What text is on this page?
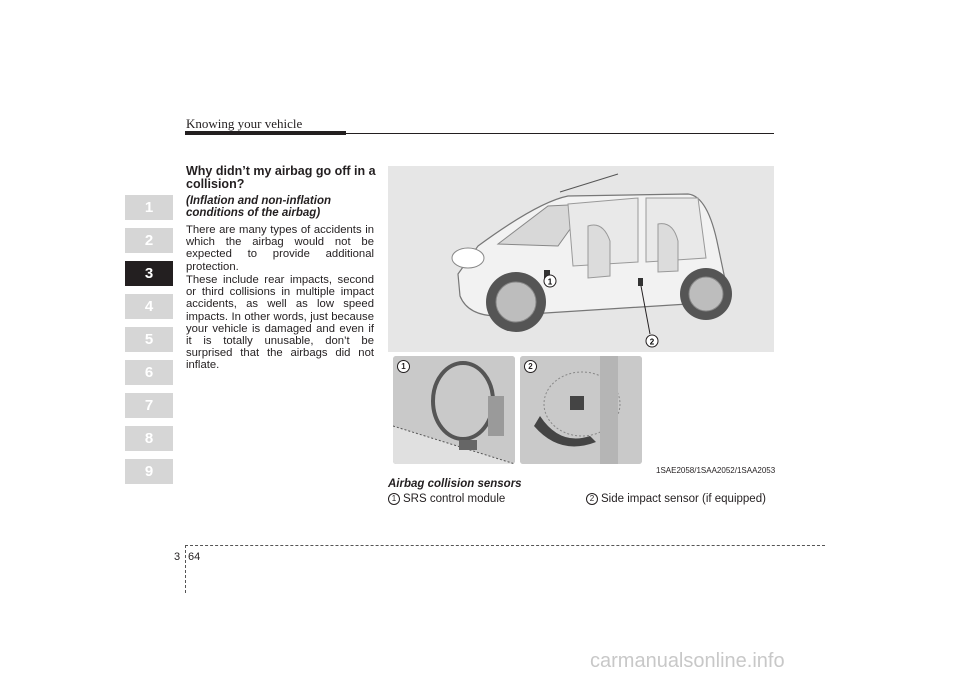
Knowing your vehicle
1
2
3
4
5
6
7
8
9
Why didn’t my airbag go off in a collision?
(Inflation and non-inflation conditions of the airbag)

There are many types of accidents in which the airbag would not be expected to provide additional protection.

These include rear impacts, second or third collisions in multiple impact accidents, as well as low speed impacts. In other words, just because your vehicle is damaged and even if it is totally unusable, don’t be surprised that the airbags did not inflate.

1
2
1	2
1SAE2058/1SAA2052/1SAA2053
Airbag collision sensors
1 SRS control module	2 Side impact sensor (if equipped)
3 64
carmanualsonline.info
